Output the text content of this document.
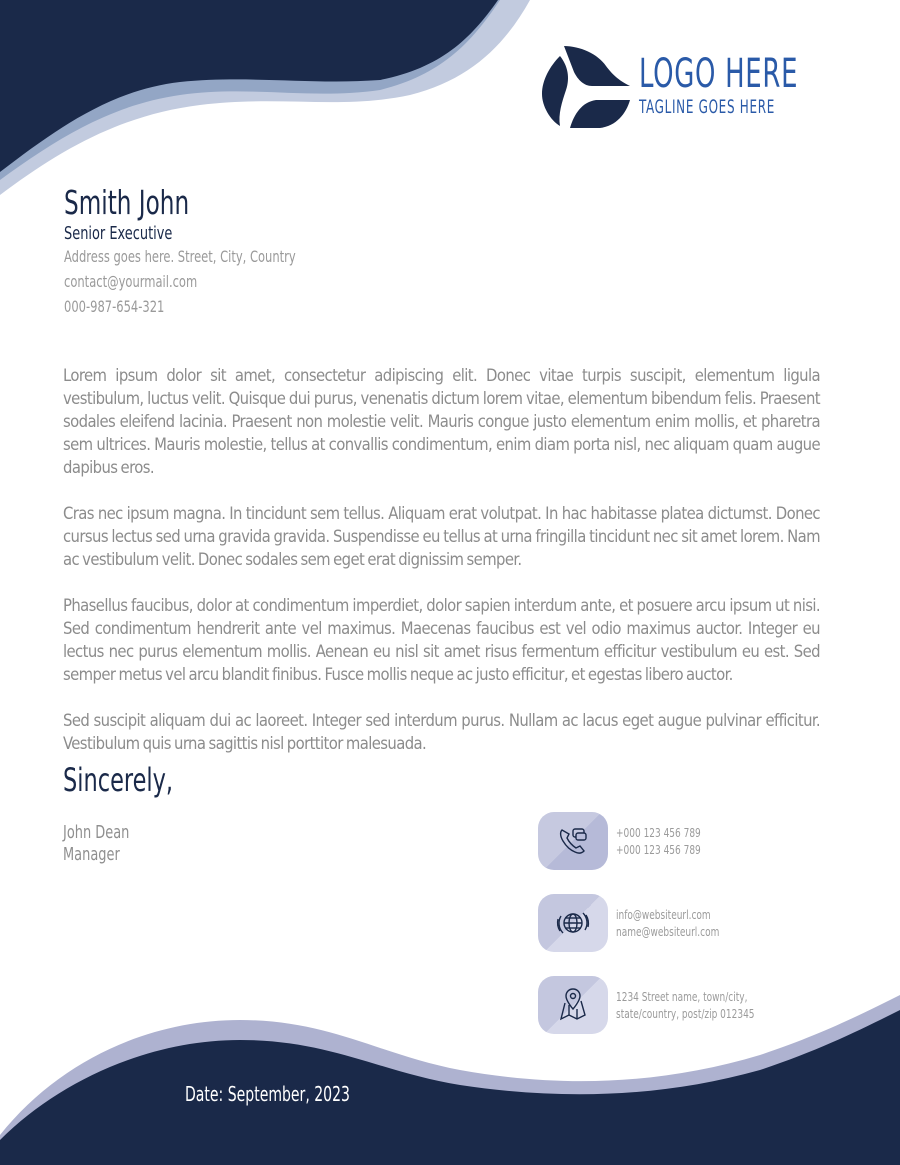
LOGO HERE
TAGLINE GOES HERE
Smith John
Senior Executive
Address goes here. Street, City, Country
contact@yourmail.com
000-987-654-321

Lorem ipsum dolor sit amet, consectetur adipiscing elit. Donec vitae turpis suscipit, elementum ligula vestibulum, luctus velit. Quisque dui purus, venenatis dictum lorem vitae, elementum bibendum felis. Praesent sodales eleifend lacinia. Praesent non molestie velit. Mauris congue justo elementum enim mollis, et pharetra sem ultrices. Mauris molestie, tellus at convallis condimentum, enim diam porta nisl, nec aliquam quam augue dapibus eros.

Cras nec ipsum magna. In tincidunt sem tellus. Aliquam erat volutpat. In hac habitasse platea dictumst. Donec cursus lectus sed urna gravida gravida. Suspendisse eu tellus at urna fringilla tincidunt nec sit amet lorem. Nam ac vestibulum velit. Donec sodales sem eget erat dignissim semper.

Phasellus faucibus, dolor at condimentum imperdiet, dolor sapien interdum ante, et posuere arcu ipsum ut nisi. Sed condimentum hendrerit ante vel maximus. Maecenas faucibus est vel odio maximus auctor. Integer eu lectus nec purus elementum mollis. Aenean eu nisl sit amet risus fermentum efficitur vestibulum eu est. Sed semper metus vel arcu blandit finibus. Fusce mollis neque ac justo efficitur, et egestas libero auctor.

Sed suscipit aliquam dui ac laoreet. Integer sed interdum purus. Nullam ac lacus eget augue pulvinar efficitur. Vestibulum quis urna sagittis nisl porttitor malesuada.

Sincerely,
John Dean
Manager
+000 123 456 789
+000 123 456 789
info@websiteurl.com
name@websiteurl.com
1234 Street name, town/city,
state/country, post/zip 012345
Date: September, 2023
